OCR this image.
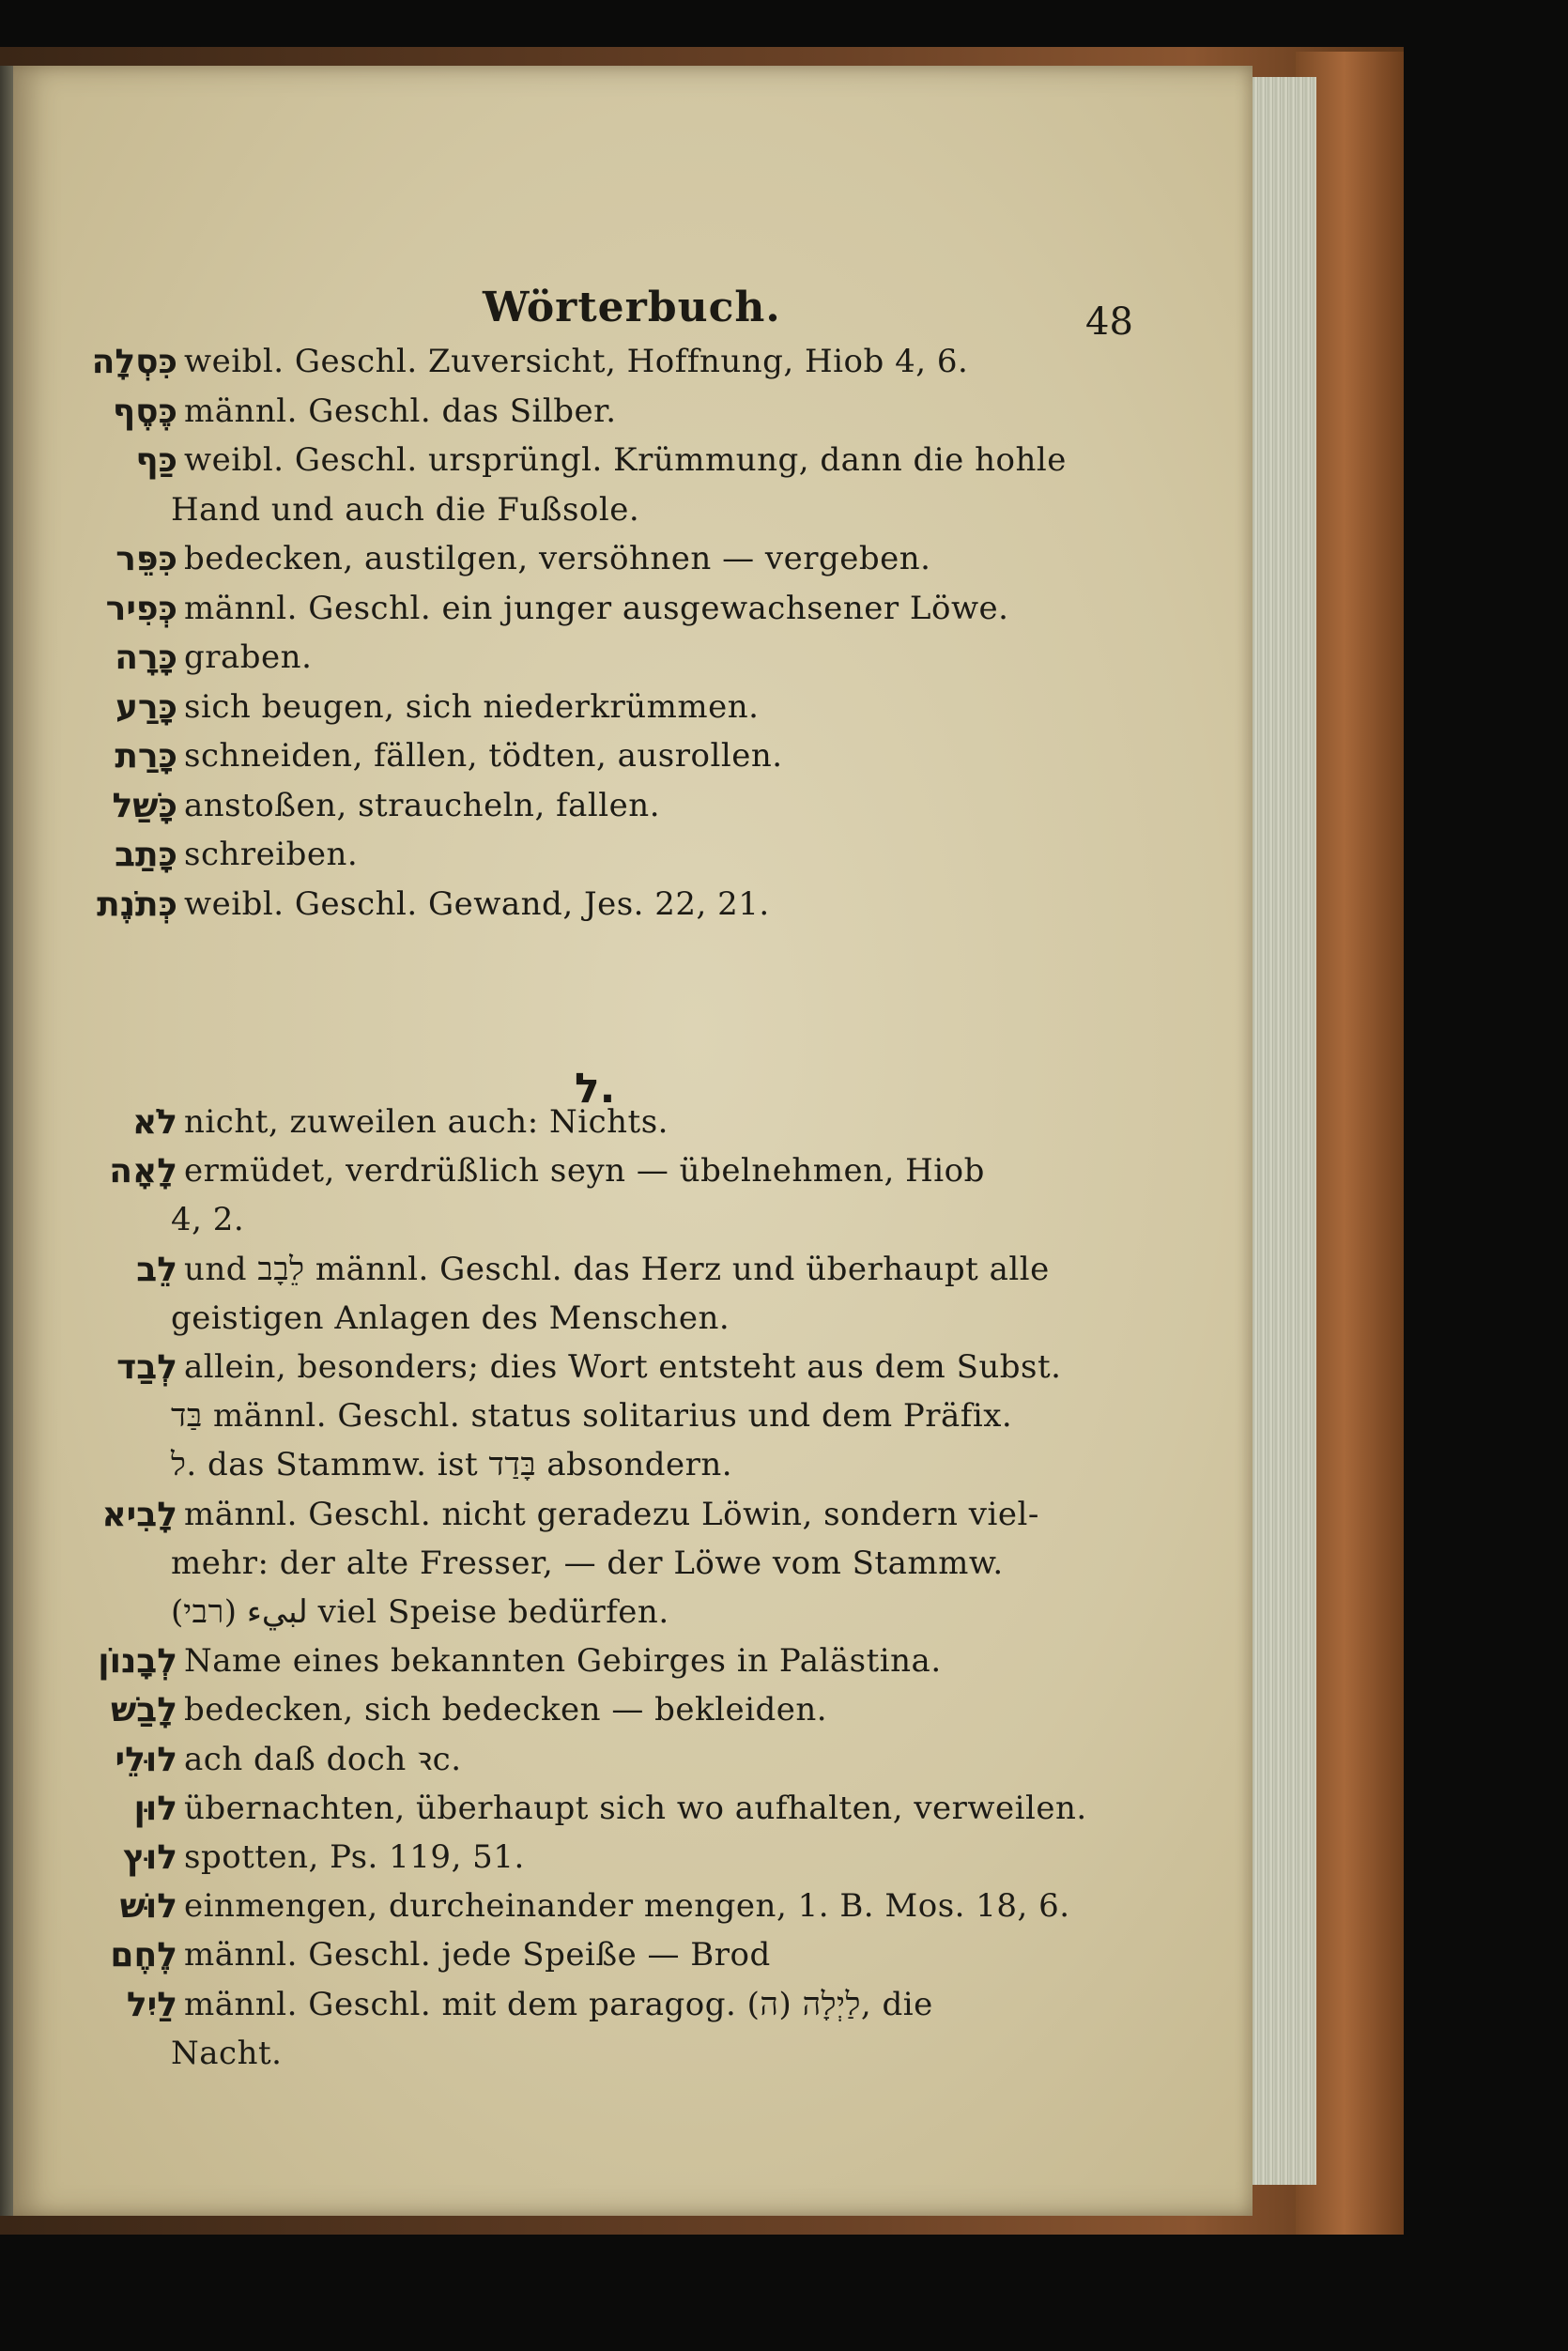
Wörterbuch.	48
כִּסְלָה weibl. Geschl. Zuversicht, Hoffnung, Hiob 4, 6.
כֶּסֶף männl. Geschl. das Silber.
כַּף weibl. Geschl. ursprüngl. Krümmung, dann die hohle
Hand und auch die Fußsole.
כִּפֵּר bedecken, austilgen, versöhnen — vergeben.
כְּפִיר männl. Geschl. ein junger ausgewachsener Löwe.
כָּרָה graben.
כָּרַע sich beugen, sich niederkrümmen.
כָּרַת schneiden, fällen, tödten, ausrollen.
כָּשַׁל anstoßen, straucheln, fallen.
כָּתַב schreiben.
כְּתֹנֶת weibl. Geschl. Gewand, Jes. 22, 21.
ל.
לֹא nicht, zuweilen auch: Nichts.
לָאָה ermüdet, verdrüßlich seyn — übelnehmen, Hiob
4, 2.
לֵב und לֵבָב männl. Geschl. das Herz und überhaupt alle
geistigen Anlagen des Menschen.
לְבַד allein, besonders; dies Wort entsteht aus dem Subst.
בַּד männl. Geschl. status solitarius und dem Präfix.
ל. das Stammw. ist בָּדַד absondern.
לָבִיא männl. Geschl. nicht geradezu Löwin, sondern viel-
mehr: der alte Fresser, — der Löwe vom Stammw.
لبيء (רבי) viel Speise bedürfen.
לְבָנוֹן Name eines bekannten Gebirges in Palästina.
לָבַשׁ bedecken, sich bedecken — bekleiden.
לוּלֵי ach daß doch ꝛc.
לוּן übernachten, überhaupt sich wo aufhalten, verweilen.
לוּץ spotten, Ps. 119, 51.
לוּשׁ einmengen, durcheinander mengen, 1. B. Mos. 18, 6.
לֶחֶם männl. Geschl. jede Speiße — Brod
לַיִל männl. Geschl. mit dem paragog. (ה) לַיְלָה, die
Nacht.
